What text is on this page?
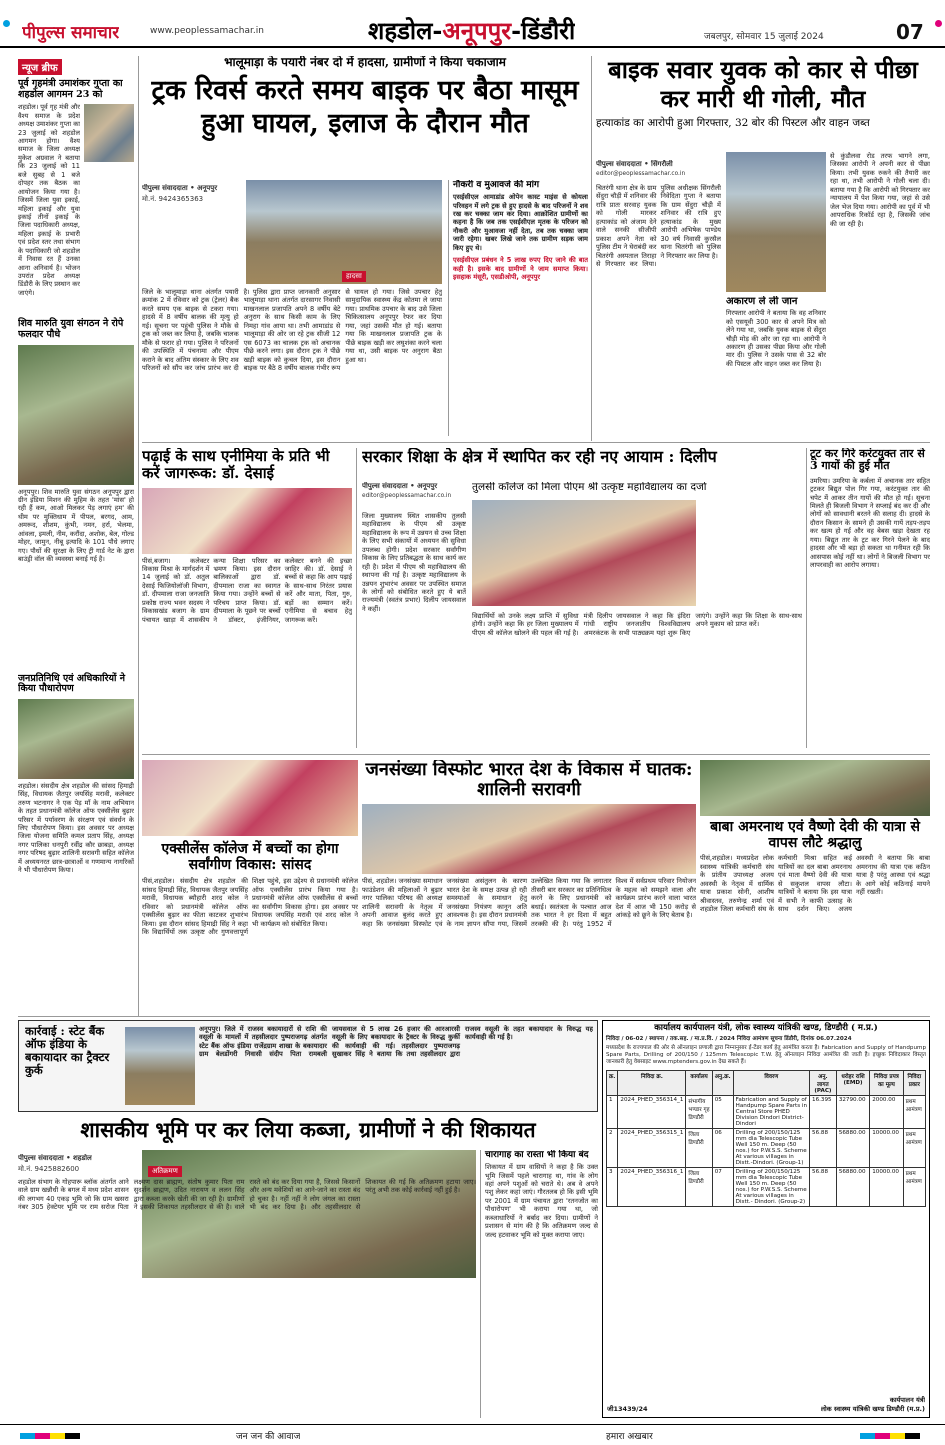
पीपुल्स समाचार	www.peoplessamachar.in	शहडोल-अनूपपुर-डिंडौरी	जबलपुर, सोमवार 15 जुलाई 2024	07
न्यूज ब्रीफ
पूर्व गृहमंत्री उमाशंकर गुप्ता का शहडोल आगमन 23 को
शहडोल। पूर्व गृह मंत्री और वैश्य समाज के प्रदेश अध्यक्ष उमाशंकर गुप्ता का 23 जुलाई को शहडोल आगमन होगा। वैश्य समाज के जिला अध्यक्ष मुकेश अग्रवाल ने बताया कि 23 जुलाई को 11 बजे सुबह से 1 बजे दोपहर तक बैठक का आयोजन किया गया है। जिसमें जिला युवा इकाई, महिला इकाई और युवा इकाई तीनों इकाई के जिला पदाधिकारी अध्यक्ष, महिला इकाई के प्रभारी एवं प्रदेश स्तर तथा संभाग के पदाधिकारी जो शहडोल में निवास रत हैं उनका आना अनिवार्य है। भोजन उपरांत प्रदेश अध्यक्ष डिंडौरी के लिए प्रस्थान कर जाएंगे।
शिव मारुति युवा संगठन ने रोपे फलदार पौधे
अनूपपुर। शिव मारुति युवा संगठन अनूपपुर द्वारा ग्रीन इंडिया मिशन की मुहिम के तहत 'मांस' हो रही हैं कम, आओ मिलकर पेड़ लगाएं हम' की थीम पर मुक्तिधाम में पीपल, बरगद, आम, अमरूद, शीशम, कुंभी, नमन, हर्रा, भेलमा, आंवला, इमली, नीम, करौंदा, अशोक, बेल, गोल्ड मोहर, जामुन, नीबू इत्यादि के 101 पौधे लगाए गए। पौधों की सुरक्षा के लिए ट्री गार्ड नेट के द्वारा बाउंड्री वॉल की व्यवस्था बनाई गई है।
जनप्रतिनिधि एवं अधिकारियों ने किया पौधारोपण
शहडोल। संसदीय क्षेत्र शहडोल की सांसद हिमाद्री सिंह, विधायक जैतपुर जयसिंह मरावी, कलेक्टर तरुण भटनागर ने एक पेड़ माँ के नाम अभियान के तहत प्रधानमंत्री कॉलेज ऑफ एक्सीलेंस बुढ़ार परिसर में पर्यावरण के संरक्षण एवं संवर्धन के लिए पौधारोपण किया। इस अवसर पर अध्यक्ष जिला योजना समिति कमल प्रताप सिंह, अध्यक्ष नगर पालिका धनपुरी रवींद्र कौर छाबड़ा, अध्यक्ष नगर परिषद बुढ़ार शालिनी सरावगी सहित कॉलेज में अध्ययनरत छात्र-छात्राओं व गणमान्य नागरिकों ने भी पौधारोपण किया।
भालूमाड़ा के पयारी नंबर दो में हादसा, ग्रामीणों ने किया चकाजाम
ट्रक रिवर्स करते समय बाइक पर बैठा मासूम हुआ घायल, इलाज के दौरान मौत
पीपुल्स संवाददाता • अनूपपुर
मो.नं. 9424365363
हादसा
जिले के भालूमाड़ा थाना अंतर्गत पयारी क्रमांक 2 में रविवार को ट्रक (ट्रेलर) बैक करते समय एक बाइक से टकरा गया। हादसे में 8 वर्षीय बालक की मृत्यु हो गई। सूचना पर पहुंची पुलिस ने मौके से ट्रक को जब्त कर लिया है, जबकि चालक मौके से फरार हो गया। पुलिस ने परिजनों की उपस्थिति में पंचनामा और पीएम कराने के बाद अंतिम संस्कार के लिए शव परिजनों को सौंप कर जांच प्रारंभ कर दी है। पुलिस द्वारा प्राप्त जानकारी अनुसार भालूमाड़ा थाना अंतर्गत दारसागर निवासी माखनलाल प्रजापति अपने 8 वर्षीय बेटे अनुराग के साथ किसी काम के लिए निमहा गांव आया था। तभी आमाडांड से भालूमाड़ा की ओर जा रहे ट्रक सीजी 12 एस 6073 का चालक ट्रक को अचानक पीछे करने लगा। इस दौरान ट्रक ने पीछे खड़ी बाइक को कुचल दिया, इस दौरान बाइक पर बैठे 8 वर्षीय बालक गंभीर रूप से घायल हो गया। जिसे उपचार हेतु सामुदायिक स्वास्थ्य केंद्र कोतमा ले जाया गया। प्राथमिक उपचार के बाद उसे जिला चिकित्सालय अनूपपुर रेफर कर दिया गया, जहां उसकी मौत हो गई। बताया गया कि माखनलाल प्रजापति ट्रक के पीछे बाइक खड़ी कर लघुशंका करने चला गया था, उसी बाइक पर अनुराग बैठा हुआ था।
नौकरी व मुआवजे की मांग
एसईसीएल आमाडांड ओपेन कास्ट माइंस से कोयला परिवहन में लगे ट्रक से हुए हादसे के बाद परिजनों ने शव रख कर चक्का जाम कर दिया। आक्रोशित ग्रामीणों का कहना है कि जब तक एसईसीएल मृतक के परिजन को नौकरी और मुआवजा नहीं देता, तब तक चक्का जाम जारी रहेगा। खबर लिखे जाने तक ग्रामीण सड़क जाम किए हुए थे।
एसईसीएल प्रबंधन ने 5 लाख रुपए दिए जाने की बात कही है। इसके बाद ग्रामीणों ने जाम समाप्त किया। इसहाक मंसूरी, एसडीओपी, अनूपपुर
बाइक सवार युवक को कार से पीछा कर मारी थी गोली, मौत
हत्याकांड का आरोपी हुआ गिरफ्तार, 32 बोर की पिस्टल और वाहन जब्त
पीपुल्स संवाददाता • सिंगरौली
editor@peoplessamachar.co.in
चितरंगी थाना क्षेत्र के ग्राम सेंदुरा चौड़ी में शनिवार की रात्रि प्रातः सरवाह युवक को गोली मारकर हत्याकांड को अंजाम देने वाले सनकी सीजीपी प्रकाश अपने नेता को पुलिस टीम ने घेराबंदी कर चितरंगी अस्पताल तिराहा से गिरफ्तार कर लिया। पुलिस अधीक्षक सिंगरौली निवेदिता गुप्ता ने बताया कि ग्राम सेंदुरा चौड़ी में शनिवार की रात्रि हुए हत्याकांड के मुख्य आरोपी अभिषेक पाण्डेय 30 वर्ष निवासी कुरसैल थाना चितरंगी को पुलिस ने गिरफ्तार कर लिया है।
अकारण ले ली जान
गिरफ्तार आरोपी ने बताया कि वह शनिवार को एसयूवी 300 कार से अपने मित्र को लेने गया था, जबकि युवक बाइक से सेंदुरा चौड़ी मोड़ की ओर जा रहा था। आरोपी ने अकारण ही उसका पीछा किया और गोली मार दी। पुलिस ने उसके पास से 32 बोर की पिस्टल और वाहन जब्त कर लिया है।
से कुंडौलवा रोड तरफ भागने लगा, जिसका आरोपी ने अपनी कार से पीछा किया। तभी युवक रुकने की तैयारी कर रहा था, तभी आरोपी ने गोली चला दी। बताया गया है कि आरोपी को गिरफ्तार कर न्यायालय में पेश किया गया, जहां से उसे जेल भेज दिया गया। आरोपी का पूर्व में भी आपराधिक रिकॉर्ड रहा है, जिसकी जांच की जा रही है।
पढ़ाई के साथ एनीमिया के प्रति भी करें जागरूक: डॉ. देसाई
पीसं,बजाग। कलेक्टर विकास मिश्रा के मार्गदर्शन में 14 जुलाई को डॉ. अतुल देसाई फिजियोलॉजी विभाग, डॉ. दीपमाला राजा जनजाति प्रकोष्ठ राज्य भवन सदस्य ने विकासखंड बजाग के ग्राम पंचायत खाड़ा में शासकीय कन्या शिक्षा परिसर का भ्रमण किया। इस दौरान बालिकाओं द्वारा डॉ. दीपमाला राजा का स्वागत किया गया। उन्होंने बच्चों से परिचय प्राप्त किया। डॉ. दीपमाला के पूछने पर बच्चों ने डॉक्टर, इंजीनियर, कलेक्टर बनने की इच्छा जाहिर की। डॉ. देसाई ने बच्चों से कहा कि आप पढ़ाई के साथ-साथ निरंतर प्रयास करें और माता, पिता, गुरु, बड़ों का सम्मान करें। एनीमिया से बचाव हेतु जागरूक करें।
सरकार शिक्षा के क्षेत्र में स्थापित कर रही नए आयाम : दिलीप
पीपुल्स संवाददाता • अनूपपुर
editor@peoplessamachar.co.in
तुलसी कॉलेज को मिला पीएम श्री उत्कृष्ट महाविद्यालय का दर्जा
जिला मुख्यालय स्थित शासकीय तुलसी महाविद्यालय के पीएम श्री उत्कृष्ट महाविद्यालय के रूप में उन्नयन से उच्च शिक्षा के लिए सभी संकायों में अध्ययन की सुविधा उपलब्ध होगी। प्रदेश सरकार सर्वांगीण विकास के लिए प्रतिबद्धता के साथ कार्य कर रही है। प्रदेश में पीएम श्री महाविद्यालय की स्थापना की गई है। उत्कृष्ट महाविद्यालय के उन्नयन शुभारंभ अवसर पर उपस्थित समाज के लोगों को संबोधित करते हुए ये बातें राज्यमंत्री (स्वतंत्र प्रभार) दिलीप जायसवाल ने कहीं।
विद्यार्थियों को उनके लक्ष्य प्राप्ति में सुविधा होगी। उन्होंने कहा कि हर जिला मुख्यालय में पीएम श्री कॉलेज खोलने की पहल की गई है। मंत्री दिलीप जायसवाल ने कहा कि इंदिरा गांधी राष्ट्रीय जनजातीय विश्वविद्यालय अमरकंटक के सभी पाठ्यक्रम यहां शुरू किए जाएंगे। उन्होंने कहा कि शिक्षा के साथ-साथ अपने मुकाम को प्राप्त करें।
टूट कर गिरे करंटयुक्त तार से 3 गायों की हुई मौत
उमरिया। उमरिया के कर्बला में अचानक तार सहित ट्रटकर बिद्युत पोल गिर गया, करंटयुक्त तार की चपेट में आकर तीन गायों की मौत हो गई। सूचना मिलते ही बिजली विभाग ने सप्लाई बंद कर दी और लोगों को सावधानी बरतने की सलाह दी। हादसे के दौरान किसान के सामने ही उसकी गायें तड़प-तड़प कर खत्म हो गईं और वह बेबस खड़ा देखता रह गया। बिद्युत तार के ट्रट कर गिरने पेलने के बाद हादसा और भी बड़ा हो सकता था गनीमत रही कि आसपास कोई नहीं था। लोगों ने बिजली विभाग पर लापरवाही का आरोप लगाया।
एक्सीलेंस कॉलेज में बच्चों का होगा सर्वांगीण विकास: सांसद
पीसं,शहडोल। संसदीय क्षेत्र शहडोल की सांसद हिमाद्री सिंह, विधायक जैतपुर जयसिंह मरावी, विधायक ब्यौहारी शरद कोल ने रविवार को प्रधानमंत्री कॉलेज ऑफ एक्सीलेंस बुढ़ार का फीता काटकर शुभारंभ किया। इस दौरान सांसद हिमाद्री सिंह ने कहा कि विद्यार्थियों तक उत्कृष्ट और गुणवत्तापूर्ण शिक्षा पहुंचे, इस उद्देश्य से प्रधानमंत्री कॉलेज ऑफ एक्सीलेंस प्रारंभ किया गया है। प्रधानमंत्री कॉलेज ऑफ एक्सीलेंस से बच्चों का सर्वांगीण विकास होगा। इस अवसर पर विधायक जयसिंह मरावी एवं शरद कोल ने भी कार्यक्रम को संबोधित किया।
जनसंख्या विस्फोट भारत देश के विकास में घातक: शालिनी सरावगी
पीसं, शहडोल। जनसंख्या समाधान फाउंडेशन की महिलाओं ने बुढ़ार नगर पालिका परिषद की अध्यक्ष शालिनी सरावगी के नेतृत्व में अपनी आवाज बुलंद करते हुए कहा कि जनसंख्या विस्फोट एवं जनसंख्या असंतुलन के कारण भारत देश के समक्ष उत्पन्न हो रही समस्याओं के समाधान हेतु जनसंख्या नियंत्रण कानून अति आवश्यक है। इस दौरान प्रधानमंत्री के नाम ज्ञापन सौंपा गया, जिसमें उल्लेखित किया गया कि लगातार तीसरी बार सरकार का प्रतिनिधित्व करने के लिए प्रधानमंत्री को बधाई। स्वतंत्रता के पश्चात आज तक भारत ने हर दिशा में बहुत तरक्की की है। परंतु 1952 में विश्व में सर्वप्रथम परिवार नियोजन के महत्व को समझने वाला और कार्यक्रम प्रारंभ करने वाला भारत देश में आज भी 150 करोड़ से आंकड़े को छूने के लिए बेताब है।
बाबा अमरनाथ एवं वैष्णो देवी की यात्रा से वापस लौटे श्रद्धालु
पीसं,शहडोल। मध्यप्रदेश लोक स्वास्थ्य यांत्रिकी कर्मचारी संघ के प्रांतीय उपाध्यक्ष अजय अवस्थी के नेतृत्व में धार्मिक यात्रा प्रकाश सोनी, आशीष श्रीवास्तव, तरुणेन्द्र शर्मा एवं शहडोल जिला कर्मचारी संघ के कर्मचारी मिश्रा सहित कई यात्रियों का दल बाबा अमरनाथ एवं माता वैष्णो देवी की यात्रा से सकुशल वापस लौटा। यात्रियों ने बताया कि इस यात्रा में सभी ने काफी उत्साह के साथ दर्शन किए। अजय अवस्थी ने बताया कि बाबा अमरनाथ की यात्रा एक कठिन यात्रा है परंतु आस्था एवं श्रद्धा के आगे कोई कठिनाई मायने नहीं रखती।
कार्रवाई : स्टेट बैंक ऑफ इंडिया के बकायादार का ट्रैक्टर कुर्क
अनूपपुर। जिले में राजस्व बकायादारों से राशि की वसूली के मामलों में तहसीलदार पुष्पराजगढ़ अंतर्गत स्टेट बैंक ऑफ इंडिया राजेंद्रग्राम शाखा के बकायादार ग्राम बेलडोंगरी निवासी संदीप पिता रामबली जायसवाल से 5 लाख 26 हजार की आरआरसी वसूली के लिए बकायादार के ट्रैक्टर के विरुद्ध कुर्की की कार्यवाही की गई। तहसीलदार पुष्पराजगढ़ सुखाकर सिंह ने बताया कि तथा तहसीलदार द्वारा राजस्व वसूली के तहत बकायादार के विरुद्ध यह कार्यवाही की गई है।
शासकीय भूमि पर कर लिया कब्जा, ग्रामीणों ने की शिकायत
पीपुल्स संवाददाता • शहडोल
मो.नं. 9425882600	अतिक्रमण
शहडोल संभाग के गोहपारू ब्लॉक अंतर्गत आने वाले ग्राम खन्नौधी के बगल में मध्य प्रदेश शासन की लगभग 40 एकड़ भूमि जो कि ग्राम खसरा नंबर 305 हेक्टेयर भूमि पर राम सरोज पिता लक्ष्मण दास ब्राह्मण, संतोष कुमार पिता राम सुदर्शन ब्राह्मण, उदित नारायण व ललन सिंह द्वारा कब्जा करके खेती की जा रही है। ग्रामीणों ने इसकी शिकायत तहसीलदार से की है। वाले रास्ते को बंद कर दिया गया है, जिससे किसानों और अन्य मवेशियों का आने-जाने का रास्ता बंद हो चुका है। नहीं नहीं ने लोग जंगल का रास्ता भी बंद कर दिया है। और तहसीलदार से शिकायत की गई कि अतिक्रमण हटाया जाए। परंतु अभी तक कोई कार्रवाई नहीं हुई है।
चारागाह का रास्ता भी किया बंद
शिकायत में ग्राम वासियों ने कहा है कि उक्त भूमि जिसमें पहले चारागाह था, गांव के लोग वहां अपने पशुओं को चराते थे। अब वे अपने पशु लेकर कहां जाएं। गौरतलब हो कि इसी भूमि पर 2001 में ग्राम पंचायत द्वारा 'रतनजोत का पौधारोपण' भी कराया गया था, जो कब्जाधारियों ने बर्बाद कर दिया। ग्रामीणों ने प्रशासन से मांग की है कि अतिक्रमण जल्द से जल्द हटवाकर भूमि को मुक्त कराया जाए।
कार्यालय कार्यपालन यंत्री, लोक स्वास्थ्य यांत्रिकी खण्ड, डिण्डौरी ( म.प्र.)
निविदा / 06-02 / स्थापना / तक.सह. / मा.प्र.वि. / 2024 निविदा आमंत्रण सूचना डिंडौरी, दिनांक 06.07.2024
मध्यप्रदेश के राज्यपाल की ओर से ऑनलाइन प्रणाली द्वारा निम्नानुसार ई-टेंडर कार्य हेतु आमंत्रित करता है। Fabrication and Supply of Handpump Spare Parts, Drilling of 200/150 / 125mm Telescopic T.W. हेतु ऑनलाइन निविदा आमंत्रित की जाती है। इच्छुक निविदाकार विस्तृत जानकारी हेतु वेबसाइट www.mptenders.gov.in देख सकते हैं।
क्र.	निविदा क्र.	कार्यालय	अनु.क्र.	विवरण	अनु. लागत (PAC)	धरोहर राशि (EMD)	निविदा प्रपत्र का मूल्य	निविदा प्रकार
1	2024_PHED_356314_1	संभागीय भण्डार गृह डिण्डौरी	05	Fabrication and Supply of Handpump Spare Parts in Central Store PHED Division Dindori District-Dindori	16.395	32790.00	2000.00	प्रथम आमंत्रण
2	2024_PHED_356315_1	जिला डिण्डौरी	06	Drilling of 200/150/125 mm dia Telescopic Tube Well 150 m. Deep (50 nos.) for P.W.S.S. Scheme At various villages in Distt.-Dindori. (Group-1)	56.88	56880.00	10000.00	प्रथम आमंत्रण
3	2024_PHED_356316_1	जिला डिण्डौरी	07	Drilling of 200/150/125 mm dia Telescopic Tube Well 150 m. Deep (50 nos.) for P.W.S.S. Scheme At various villages in Distt.- Dindori. (Group-2)	56.88	56880.00	10000.00	प्रथम आमंत्रण
जी13439/24
कार्यपालन यंत्री
लोक स्वास्थ्य यांत्रिकी खण्ड डिण्डौरी (म.प्र.)
जन जन की आवाज	हमारा अखबार
